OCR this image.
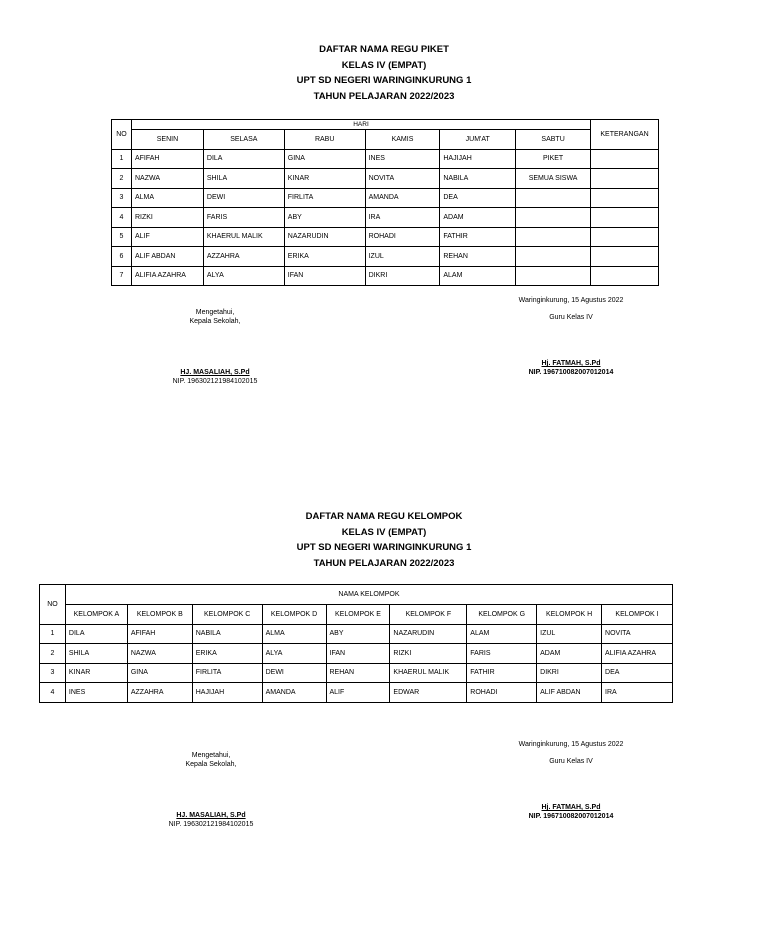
DAFTAR NAMA REGU PIKET
KELAS IV (EMPAT)
UPT SD NEGERI WARINGINKURUNG 1
TAHUN PELAJARAN 2022/2023
NO	HARI						KETERANGAN
	SENIN	SELASA	RABU	KAMIS	JUM'AT	SABTU	
1	AFIFAH	DILA	GINA	INES	HAJIJAH	PIKET	
2	NAZWA	SHILA	KINAR	NOVITA	NABILA	SEMUA SISWA	
3	ALMA	DEWI	FIRLITA	AMANDA	DEA		
4	RIZKI	FARIS	ABY	IRA	ADAM		
5	ALIF	KHAERUL MALIK	NAZARUDIN	ROHADI	FATHIR		
6	ALIF ABDAN	AZZAHRA	ERIKA	IZUL	REHAN		
7	ALIFIA AZAHRA	ALYA	IFAN	DIKRI	ALAM		
Mengetahui,
Kepala Sekolah,
HJ. MASALIAH, S.Pd
NIP. 196302121984102015
Waringinkurung, 15 Agustus 2022
Guru Kelas IV
Hj. FATMAH, S.Pd
NIP. 196710082007012014
DAFTAR NAMA REGU KELOMPOK
KELAS IV (EMPAT)
UPT SD NEGERI WARINGINKURUNG 1
TAHUN PELAJARAN 2022/2023
NO	NAMA KELOMPOK								
	KELOMPOK A	KELOMPOK B	KELOMPOK C	KELOMPOK D	KELOMPOK E	KELOMPOK F	KELOMPOK G	KELOMPOK H	KELOMPOK I
1	DILA	AFIFAH	NABILA	ALMA	ABY	NAZARUDIN	ALAM	IZUL	NOVITA
2	SHILA	NAZWA	ERIKA	ALYA	IFAN	RIZKI	FARIS	ADAM	ALIFIA AZAHRA
3	KINAR	GINA	FIRLITA	DEWI	REHAN	KHAERUL MALIK	FATHIR	DIKRI	DEA
4	INES	AZZAHRA	HAJIJAH	AMANDA	ALIF	EDWAR	ROHADI	ALIF ABDAN	IRA
Mengetahui,
Kepala Sekolah,
HJ. MASALIAH, S.Pd
NIP. 196302121984102015
Waringinkurung, 15 Agustus 2022
Guru Kelas IV
Hj. FATMAH, S.Pd
NIP. 196710082007012014
